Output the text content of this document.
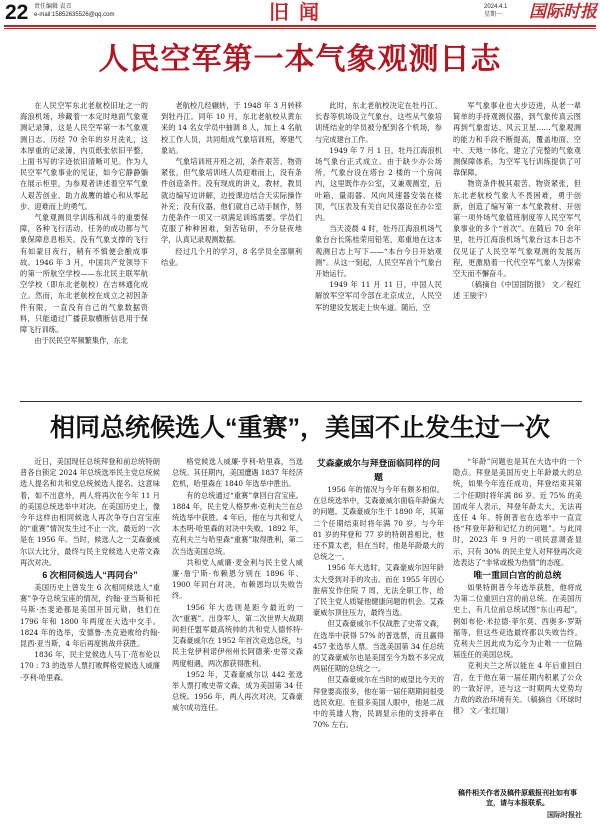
22 责任编辑 袁丑
e-mail:15852635526@qq.com	旧闻	2024.4.1
星期一	国际时报
人民空军第一本气象观测日志

在人民空军东北老航校旧址之一的海浪机场，珍藏着一本定时地面气象观测记录簿，这是人民空军第一本气象观测日志。历经 70 余年的岁月洗礼，这本厚重的记录簿，内页纸张依旧平整，上面书写的字迹依旧清晰可见。作为人民空军气象事业的见证，如今它静静躺在展示柜里，为参观者讲述着空军气象人艰苦创业、助力战鹰的雄心和从零起步、迎难而上的勇气。

气象观测员学训练和战斗的重要保障，各种飞行活动、任务的成功都与气象保障息息相关。没有气象支撑的飞行有如蒙目夜行，稍有不慎便会酿成事故。1946 年 3 月，中国共产党领导下的第一所航空学校——东北民主联军航空学校（即东北老航校）在吉林通化成立。然而，东北老航校在成立之初因条件有限，一直没有自己的气象数据资料，只能通过广播获取横断信息用于保障飞行训练。

由于民民空军频繁集作，东北

老航校几经辗转，于 1948 年 3 月转移到牡丹江。同年 10 月，东北老航校从黄东来的 14 名女学员中抽调 8 人，加上 4 名航校工作人员，共同组成气象培训班，筹建气象站。

气象培训班开班之初，条件艰苦、物资紧张，但气象培训班人员迎难而上，没有条件创造条件。没有现成的讲义，教材，教员就边编写边讲解，边授课边结合天实际操作补充；没有仪器，他们就自己动手制作，努力使条件一项又一项满足训练需要。学员们克服了种种困难，刻苦钻研，不分昼夜地学，认真记录观测数据。

经过几个月的学习，8 名学员全部顺利结业。

此时，东北老航校决定在牡丹江、长春等机场设立气象台，这些从气象培训班结业的学员被分配到各个机场，参与完成建台工作。

1949 年 7 月 1 日，牡丹江海浪机场气象台正式成立。由于缺少办公场所，气象台设在塔台 2 楼的一个房间内，这里既作办公室，又兼观测室，后叶箱、量雨器、风向风速器安装在楼顶，气压表及有关自记仪器设在办公室内。

当天凌晨 4 时，牡丹江海浪机场气象台台长陈桂荣用铅笔，郑重地在这本观测日志上写下——“本台今日开始观测”。从这一刻起，人民空军首个气象台开始运行。

1949 年 11 月 11 日，中国人民解放军空军司令部在北京成立，人民空军的建设发展走上快车道。随后，空

军气象事业也大步迈进，从老一辈简单的手持观测仪器，到气象传真云图再到气象雷达、风云卫星……气象观测的能力和手段不断提高，覆盖地面、空中、天地一体化，建立了完整的气象观测保障体系，为空军飞行训练提供了可靠保障。

物资条件极其艰苦、物资紧张，但东北老航校气象人不畏困难，勇于创新，创造了编写第一本气象教材、开创第一项外场气象值班制度等人民空军气象事业的多个“首次”。在随后 70 余年里，牡丹江海浪机场气象台这本日志不仅见证了人民空军气象观测的发展历程，更激励着一代代空军气象人为探索空天而不懈奋斗。

（稿摘自《中国国防报》 文／程红述 王骏宇）

相同总统候选人“重赛”，美国不止发生过一次

近日，美国现任总统拜登和前总统特朗普各自锁定 2024 年总统选举民主党总统候选人提名和共和党总统候选人提名。这意味着，如不出意外，两人将再次在今年 11 月的美国总统选举中对决。在美国历史上，像今年这样由相同候选人再次争夺白宫宝座的“重赛”情况发生过不止一次，最近的一次是在 1956 年。当时，候选人之一艾森豪威尔以大比分，最终与民主党候选人史蒂文森再次对决。

6 次相同候选人“再同台”

美国历史上曾发生 6 次相同候选人“重赛”争夺总统宝座的情况，约翰·亚当斯和托马斯·杰斐逊都是美国开国元勋，他们在 1796 年和 1800 年两度在大选中交手。1824 年的选举，安德鲁·杰克逊败给约翰·昆西·亚当斯，4 年后再度挑战并获胜。

1836 年，民主党候选人马丁·范布伦以 170 : 73 的选举人票打败辉格党候选人威廉·亨利·哈里森。

格党候选人威廉·亨利·哈里森，当选总统。其任期内，美国遭遇 1837 年经济危机，哈里森在 1840 年选举中胜出。

有的总统通过“重赛”拿回白宫宝座。1884 年，民主党人格罗弗·克利夫兰在总统选举中获胜。4 年后，他在与共和党人本杰明·哈里森的对决中失败。1892 年，克利夫兰与哈里森“重赛”取得胜利，第二次当选美国总统。

共和党人威廉·麦金利与民主党人威廉·詹宁斯·布赖恩分别在 1896 年、1900 年同台对决，布赖恩均以失败告终。

1956 年大选则是距今最近的一次“重赛”。出身军人、第二次世界大战期间担任盟军最高统帅的共和党人德怀特·艾森豪威尔在 1952 年首次竞选总统，与民主党伊利诺伊州州长阿德莱·史蒂文森两度相遇，两次都获得胜利。

1952 年，艾森豪威尔以 442 张选举人票打败史蒂文森，成为美国第 34 任总统。1956 年，两人再次对决，艾森豪威尔成功连任。

艾森豪威尔与拜登面临同样的问题

1956 年的情况与今年有颇多相似。在总统选举中，艾森豪威尔面临年龄偏大的问题。艾森豪威尔生于 1890 年，其第二个任期结束时将年满 70 岁。与今年 81 岁的拜登和 77 岁的特朗普相比，他还不算太老，但在当时，他是年龄最大的总统之一。

1956 年大选时，艾森豪威尔因年龄太大受到对手的攻击。而在 1955 年因心脏病发作住院 7 周，无法全职工作，给了民主党人质疑他健康问题的机会。艾森豪威尔顶住压力，最终当选。

但艾森豪威尔不仅战胜了史蒂文森，在选举中获得 57% 的普选票，而且赢得 457 张选举人票。当选美国第 34 任总统的艾森豪威尔也是美国至今为数不多完成两届任期的总统之一。

但艾森豪威尔在当时的威望比今天的拜登要高很多，他在第一届任期期间很受选民欢迎。在很多美国人眼中，他是二战中的英雄人物，民调显示他的支持率在 70% 左右。

“年龄”问题也是其在大选中的一个隐点。拜登是美国历史上年龄最大的总统，如果今年连任成功，拜登结束其第二个任期时将年满 86 岁。近 75% 的美国成年人表示，拜登年龄太大，无法再连任 4 年。特朗普也在选举中一直宣扬“拜登年龄和记忆力的问题”。与此同时，2023 年 9 月的一项民意调查显示，只有 30% 的民主党人对拜登再次竞选表达了“非常或极为热情”的态度。

唯一重回白宫的前总统

如果特朗普今年选举获胜，他将成为第二位重回白宫的前总统。在美国历史上，有几位前总统试图“东山再起”，例如布伦·米拉德·菲尔莫、西奥多·罗斯福等，但这些竞选最终都以失败告终。克利夫兰因此成为迄今为止唯一一位隔届连任的美国总统。

克利夫兰之所以能在 4 年后重回白宫，在于他在第一届任期内积累了公众的一致好评，还与这一时期两大党势均力敌的政治环境有关。（稿摘自《环球时报》 文／张红瑞）

稿件相关作者及稿件原载报刊社如有事宜，请与本报联系。
国际时报社
